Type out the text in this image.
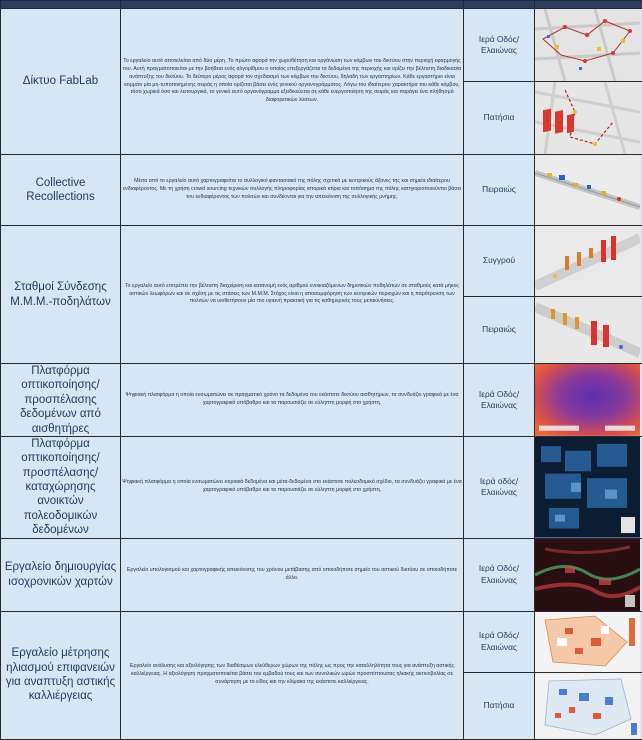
Δίκτυο FabLab	Το εργαλείο αυτό αποτελείται από δύο μέρη. Το πρώτο αφορά την χωροθέτηση και οργάνωση των κόμβων του δικτύου στην περιοχή εφαρμογής του. Αυτή πραγματοποιείται με την βοήθεια ενός αλγορίθμου ο οποίος επεξεργάζεται τα δεδομένα της περιοχής και ορίζει την βέλτιστη διαδικασία ανάπτυξης του δικτύου. Το δεύτερο μέρος αφορά τον σχεδιασμό των κόμβων του δικτύου, δηλαδή των εργαστηρίων. Κάθε εργαστήριο είναι κομμάτι μία μη-τυποποιημένης σειράς η οποία ορίζεται βάσει ενός γενικού οργανογράμματος. Λόγω του ιδιαίτερου χαρακτήρα του κάθε κόμβου, τόσο χωρικά όσο και λειτουργικά, το γενικό αυτό οργανόγραμμα εξειδικεύεται σε κάθε ενεργοποίηση της σειράς και παράγει ένα πλήθησμό διαφορετικών λύσεων.	Ιερά Οδός/ Ελαιώνας	

		Πατήσια	

Collective Recollections	Μέσα από το εργαλείο αυτό χαρτογραφείται το συλλογικό φαντασιακό της πόλης σχετικά με κεντρικούς άξονες της και σημεία ιδιαίτερου ενδιαφέροντος. Με τη χρήση crowd sourcing τεχνικών συλλογής πληροφορίας ιστορικά κτίρια και τοπόσημα της πόλης κατηγοριοποιούνται βάσει του ενδιαφέροντος των πολιτών και συνδέονται για την απεικόνιση της συλλογικής μνήμης.	Πειραιώς	

Σταθμοί Σύνδεσης Μ.Μ.Μ.-ποδηλάτων	Το εργαλείο αυτό επιτρέπει την βέλτιστη διαχείριση και κατανομή ενός αριθμού ενοικιαζόμενων δημοτικών ποδηλάτων σε σταθμούς κατά μήκος αστικών λεωφόρων και σε σχέση με τις στάσεις των Μ.Μ.Μ. Στόχος είναι η αποσυμφόρηση των κεντρικών περιοχών και η παρότρυνση των πολιτών να υιοθετήσουν μία πιο υγιεινή πρακτική για τις καθημερινές τους μετακινήσεις.	Συγγρού	

		Πειραιώς	

Πλατφόρμα οπτικοποίησης/ προσπέλασης δεδομένων από αισθητήρες	Ψηφιακή πλατφόρμα η οποία ενσωματώνει σε πραγματικό χρόνο τα δεδομένα του εκάστοτε δικτύου αισθητήρων, τα συνδυάζει γραφικά με ένα χαρτογραφικό υπόβαθρο και τα παρουσιάζει σε εύληπτη μορφή στο χρήστη.	Ιερά Οδός/ Ελαιώνας	

Πλατφόρμα οπτικοποίησης/ προσπέλασης/ καταχώρησης ανοικτών πολεοδομικών δεδομένων	Ψηφιακή πλατφόρμα η οποία ενσωματώνει κτιριακά δεδομένα και μέτα-δεδομένα στο εκάστοτε πολεοδομικό σχέδιο, τα συνδυάζει γραφικά με ένα χαρτογραφικό υπόβαθρο και τα παρουσιάζει σε εύληπτη μορφή στο χρήστη.	Ιερά οδός/ Ελαιώνας	

Εργαλείο δημιουργίας ισοχρονικών χαρτών	Εργαλείο υπολογισμού και χαρτογραφικής απεικόνισης του χρόνου μετάβασης από οποιοδήποτε σημείο του αστικού δικτύου σε οποιοδήποτε άλλο.	Ιερά Οδός/ Ελαιώνας	

Εργαλείο μέτρησης ηλιασμού επιφανειών για αναπτυξη αστικής καλλιέργειας	Εργαλείο ανάλυσης και αξιολόγησης των διαθέσιμων ελεύθερων χώρων της πόλης ως προς την καταλληλότητα τους για ανάπτυξη αστικής καλλιέργειας. Η αξιολόγηση πραγματοποιείται βάσει του εμβαδού τους και των συνολικών ωρών προσπίπτουσας ηλιακής ακτινοβολίας σε συνάρτηση με το είδος και την κλίμακα της εκάστοτε καλλιέργειας.	Ιερά Οδός/ Ελαιώνας	

		Πατήσια	
